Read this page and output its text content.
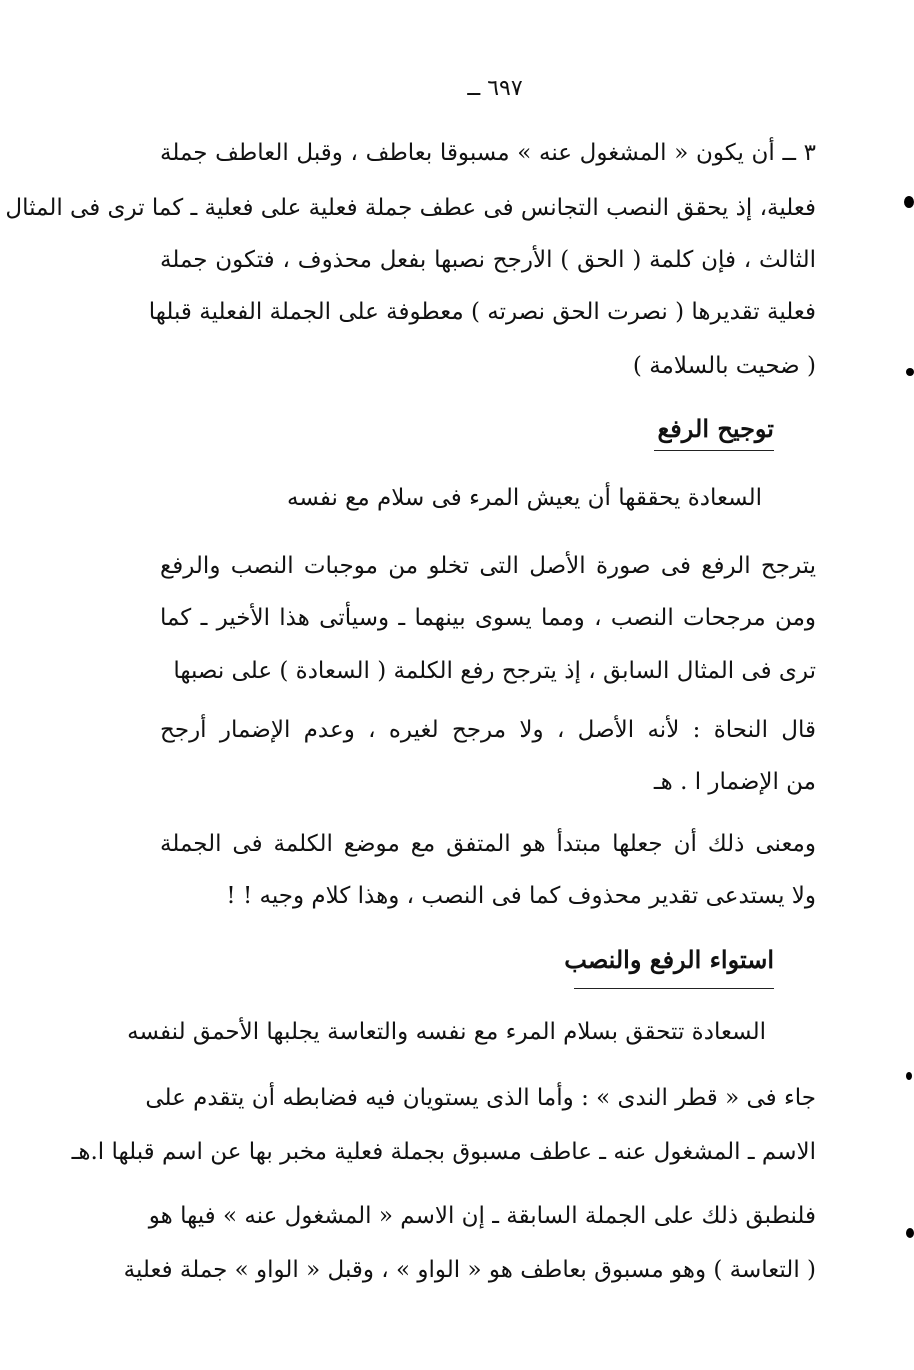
٦٩٧ ــ
٣ ــ أن يكون « المشغول عنه » مسبوقا بعاطف ، وقبل العاطف جملة
فعلية، إذ يحقق النصب التجانس فى عطف جملة فعلية على فعلية ـ كما ترى فى المثال
الثالث ، فإن كلمة ( الحق ) الأرجح نصبها بفعل محذوف ، فتكون جملة
فعلية تقديرها ( نصرت الحق نصرته ) معطوفة على الجملة الفعلية قبلها
( ضحيت بالسلامة )
توجيح الرفع
السعادة يحققها أن يعيش المرء فى سلام مع نفسه
يترجح الرفع فى صورة الأصل التى تخلو من موجبات النصب والرفع
ومن مرجحات النصب ، ومما يسوى بينهما ـ وسيأتى هذا الأخير ـ كما
ترى فى المثال السابق ، إذ يترجح رفع الكلمة ( السعادة ) على نصبها
قال النحاة : لأنه الأصل ، ولا مرجح لغيره ، وعدم الإضمار أرجح
من الإضمار ا . هـ
ومعنى ذلك أن جعلها مبتدأ هو المتفق مع موضع الكلمة فى الجملة
ولا يستدعى تقدير محذوف كما فى النصب ، وهذا كلام وجيه ! !
استواء الرفع والنصب
السعادة تتحقق بسلام المرء مع نفسه والتعاسة يجلبها الأحمق لنفسه
جاء فى « قطر الندى » : وأما الذى يستويان فيه فضابطه أن يتقدم على
الاسم ـ المشغول عنه ـ عاطف مسبوق بجملة فعلية مخبر بها عن اسم قبلها ا.هـ
فلنطبق ذلك على الجملة السابقة ـ إن الاسم « المشغول عنه » فيها هو
( التعاسة ) وهو مسبوق بعاطف هو « الواو » ، وقبل « الواو » جملة فعلية
